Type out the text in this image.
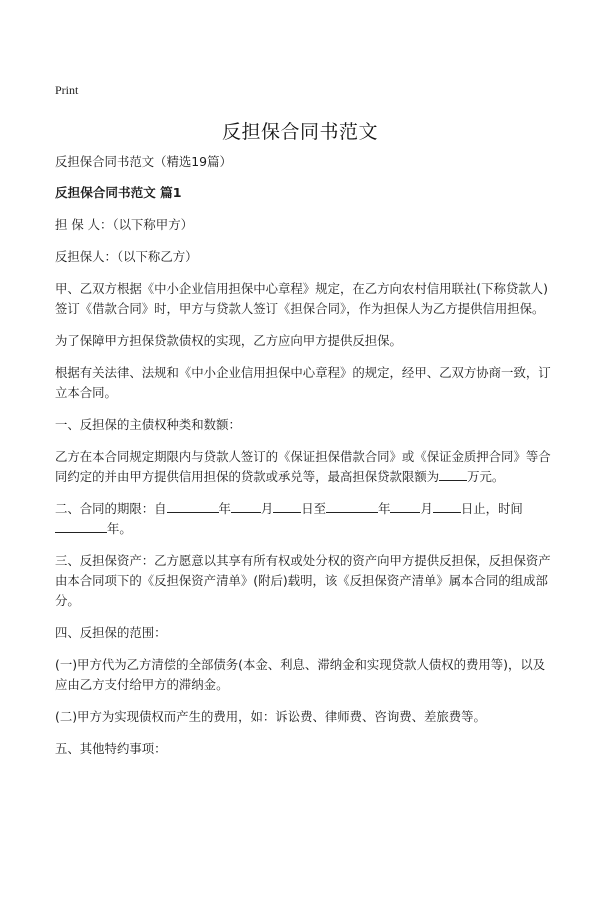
Print
反担保合同书范文

反担保合同书范文（精选19篇）

反担保合同书范文 篇1

担 保 人：（以下称甲方）

反担保人：（以下称乙方）

甲、乙双方根据《中小企业信用担保中心章程》规定，在乙方向农村信用联社(下称贷款人)签订《借款合同》时，甲方与贷款人签订《担保合同》，作为担保人为乙方提供信用担保。

为了保障甲方担保贷款债权的实现，乙方应向甲方提供反担保。

根据有关法律、法规和《中小企业信用担保中心章程》的规定，经甲、乙双方协商一致，订立本合同。

一、反担保的主债权种类和数额：

乙方在本合同规定期限内与贷款人签订的《保证担保借款合同》或《保证金质押合同》等合同约定的并由甲方提供信用担保的贷款或承兑等，最高担保贷款限额为 万元。

二、合同的期限：自	年 月 日至	年 月 日止，时间年。

三、反担保资产：乙方愿意以其享有所有权或处分权的资产向甲方提供反担保，反担保资产由本合同项下的《反担保资产清单》(附后)载明，该《反担保资产清单》属本合同的组成部分。

四、反担保的范围：

(一)甲方代为乙方清偿的全部债务(本金、利息、滞纳金和实现贷款人债权的费用等)，以及应由乙方支付给甲方的滞纳金。

(二)甲方为实现债权而产生的费用，如：诉讼费、律师费、咨询费、差旅费等。

五、其他特约事项：
